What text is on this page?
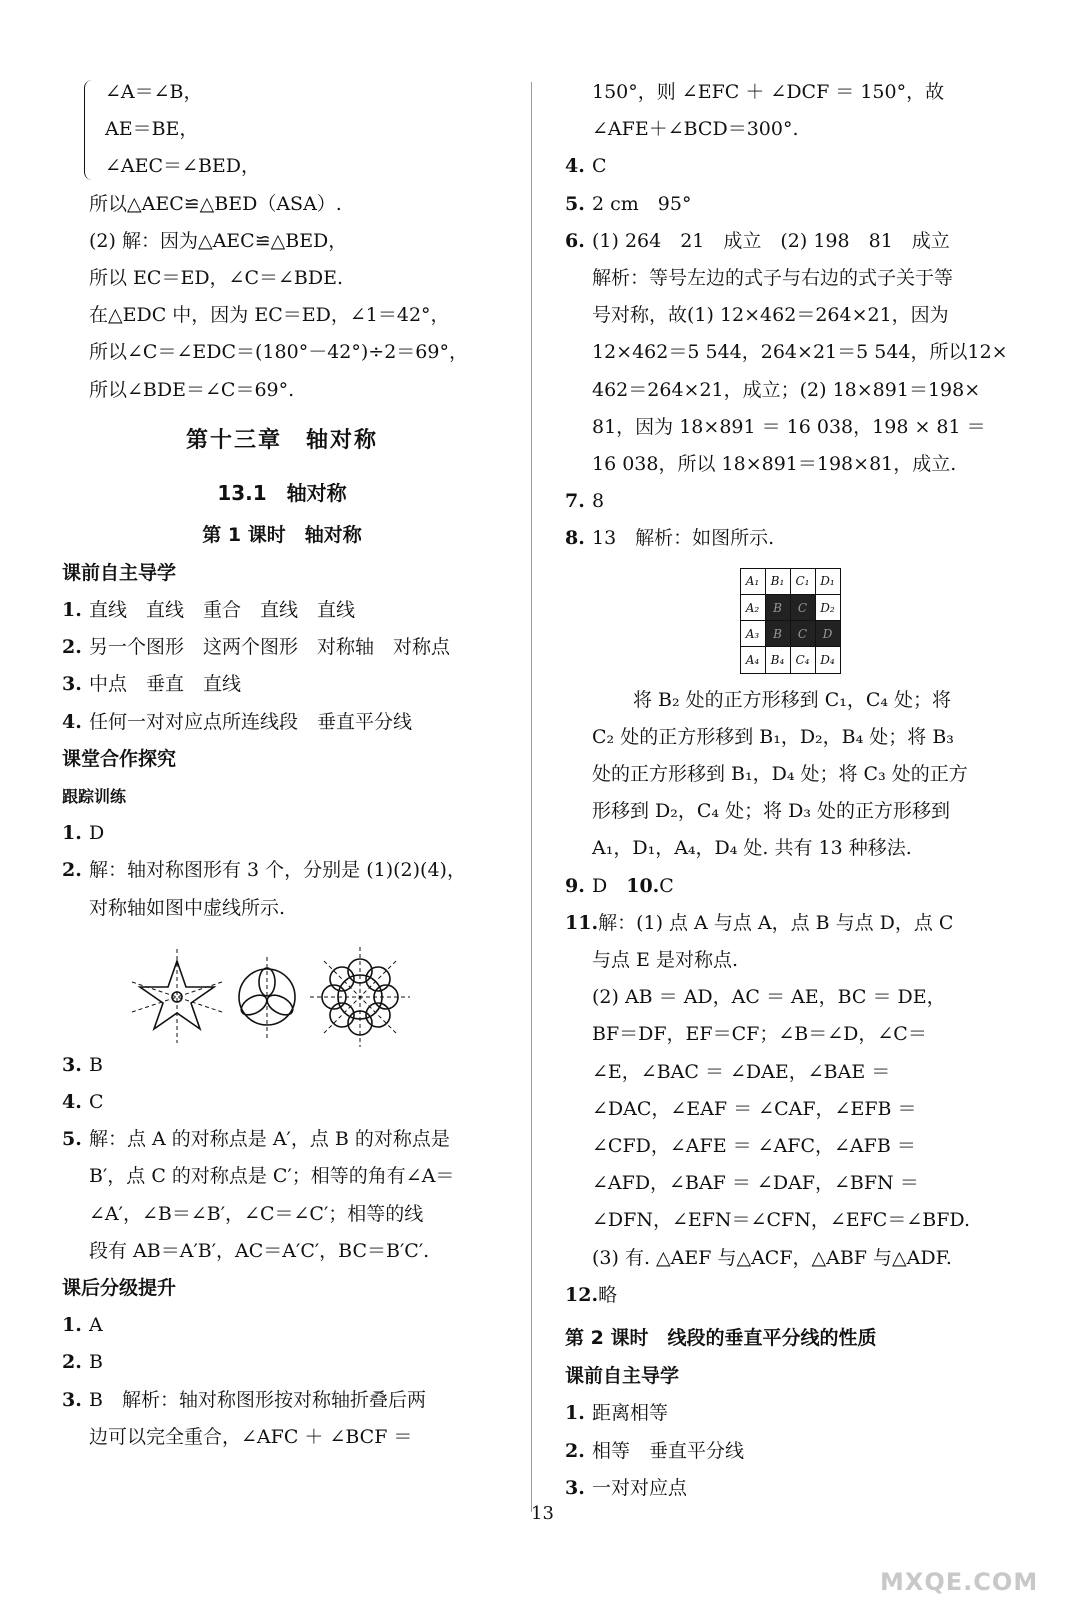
∠A＝∠B，
AE＝BE，
∠AEC＝∠BED，
所以△AEC≌△BED（ASA）.
(2) 解：因为△AEC≌△BED，
所以 EC＝ED，∠C＝∠BDE.
在△EDC 中，因为 EC＝ED，∠1＝42°，
所以∠C＝∠EDC＝(180°－42°)÷2＝69°，
所以∠BDE＝∠C＝69°.
第十三章　轴对称
13.1　轴对称
第 1 课时　轴对称
课前自主导学
1. 直线　直线　重合　直线　直线
2. 另一个图形　这两个图形　对称轴　对称点
3. 中点　垂直　直线
4. 任何一对对应点所连线段　垂直平分线
课堂合作探究
跟踪训练
1. D
2. 解：轴对称图形有 3 个，分别是 (1)(2)(4)，
对称轴如图中虚线所示.
3. B
4. C
5. 解：点 A 的对称点是 A′，点 B 的对称点是
B′，点 C 的对称点是 C′；相等的角有∠A＝
∠A′，∠B＝∠B′，∠C＝∠C′；相等的线
段有 AB＝A′B′，AC＝A′C′，BC＝B′C′.
课后分级提升
1. A
2. B
3. B　解析：轴对称图形按对称轴折叠后两
边可以完全重合，∠AFC ＋ ∠BCF ＝
150°，则 ∠EFC ＋ ∠DCF ＝ 150°，故
∠AFE＋∠BCD＝300°.
4. C
5. 2 cm　95°
6. (1) 264　21　成立　(2) 198　81　成立
解析：等号左边的式子与右边的式子关于等
号对称，故(1) 12×462＝264×21，因为
12×462＝5 544，264×21＝5 544，所以12×
462＝264×21，成立；(2) 18×891＝198×
81，因为 18×891 ＝ 16 038，198 × 81 ＝
16 038，所以 18×891＝198×81，成立.
7. 8
8. 13　解析：如图所示.
A₁	B₁	C₁	D₁
A₂	B	C	D₂
A₃	B	C	D
A₄	B₄	C₄	D₄
将 B₂ 处的正方形移到 C₁，C₄ 处；将
C₂ 处的正方形移到 B₁，D₂，B₄ 处；将 B₃
处的正方形移到 B₁，D₄ 处；将 C₃ 处的正方
形移到 D₂，C₄ 处；将 D₃ 处的正方形移到
A₁，D₁，A₄，D₄ 处. 共有 13 种移法.
9. D　10.C
11.解：(1) 点 A 与点 A，点 B 与点 D，点 C
与点 E 是对称点.
(2) AB ＝ AD，AC ＝ AE，BC ＝ DE，
BF＝DF，EF＝CF；∠B＝∠D，∠C＝
∠E，∠BAC ＝ ∠DAE，∠BAE ＝
∠DAC，∠EAF ＝ ∠CAF，∠EFB ＝
∠CFD，∠AFE ＝ ∠AFC，∠AFB ＝
∠AFD，∠BAF ＝ ∠DAF，∠BFN ＝
∠DFN，∠EFN＝∠CFN，∠EFC＝∠BFD.
(3) 有. △AEF 与△ACF，△ABF 与△ADF.
12.略
第 2 课时　线段的垂直平分线的性质
课前自主导学
1. 距离相等
2. 相等　垂直平分线
3. 一对对应点
13
MXQE.COM
